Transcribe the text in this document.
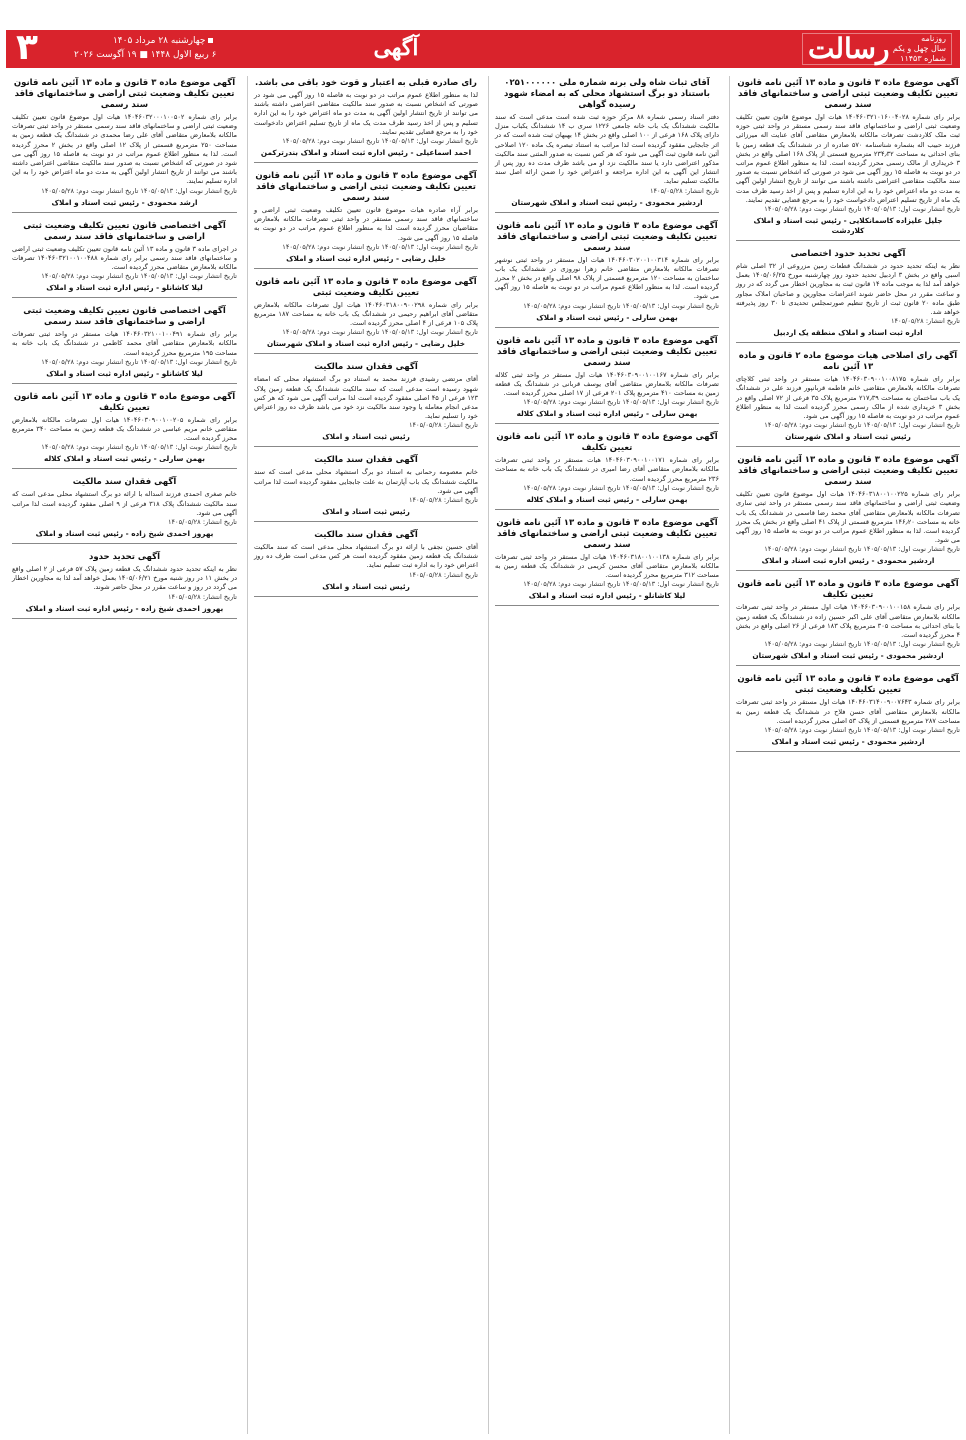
روزنامه
سال چهل و یکم
شماره ۱۱۴۵۳
رسالت
آگهی
چهارشنبه ۲۸ مرداد ۱۴۰۵
۶ ربیع الاول ۱۴۴۸ ■ ۱۹ آگوست ۲۰۲۶
۳
آگهی موضوع ماده ۳ قانون و ماده ۱۳ آئین نامه قانون تعیین تکلیف وضعیت ثبتی اراضی و ساختمانهای فاقد سند رسمی
برابر رای شماره ۱۴۰۴۶۰۳۲۱۰۱۶۰۰۴۰۲۸ هیات اول موضوع قانون تعیین تکلیف وضعیت ثبتی اراضی و ساختمانهای فاقد سند رسمی مستقر در واحد ثبتی حوزه ثبت ملک کلاردشت تصرفات مالکانه بلامعارض متقاضی آقای عنایت اله میرزائی فرزند حبیب اله بشماره شناسنامه ۵۷۰ صادره از در ششدانگ یک قطعه زمین با بنای احداثی به مساحت ۲۳۴٫۳۲ مترمربع قسمتی از پلاک ۱۶۸ اصلی واقع در بخش ۳ خریداری از مالک رسمی محرز گردیده است. لذا به منظور اطلاع عموم مراتب در دو نوبت به فاصله ۱۵ روز آگهی می شود در صورتی که اشخاص نسبت به صدور سند مالکیت متقاضی اعتراضی داشته باشند می توانند از تاریخ انتشار اولین آگهی به مدت دو ماه اعتراض خود را به این اداره تسلیم و پس از اخذ رسید ظرف مدت یک ماه از تاریخ تسلیم اعتراض دادخواست خود را به مرجع قضایی تقدیم نمایند.
تاریخ انتشار نوبت اول: ۱۴۰۵/۰۵/۱۳ تاریخ انتشار نوبت دوم: ۱۴۰۵/۰۵/۲۸
جلیل علیزاده کاسمانکلایی - رئیس ثبت اسناد و املاک کلاردشت
آگهی تحدید حدود اختصاصی
نظر به اینکه تحدید حدود در ششدانگ قطعات زمین مزروعی از ۳۲ اصلی شام اسبی واقع در بخش ۳ اردبیل تحدید حدود روز چهارشنبه مورخ ۱۴۰۵/۰۶/۲۵ بعمل خواهد آمد لذا به موجب ماده ۱۴ قانون ثبت به مجاورین اخطار می گردد که در روز و ساعت مقرر در محل حاضر شوند اعتراضات مجاورین و صاحبان املاک مجاور طبق ماده ۲۰ قانون ثبت از تاریخ تنظیم صورتمجلس تحدیدی تا ۳۰ روز پذیرفته خواهد شد.
تاریخ انتشار: ۱۴۰۵/۰۵/۲۸
اداره ثبت اسناد و املاک منطقه یک اردبیل
آگهی رای اصلاحی هیات موضوع ماده ۲ قانون و ماده ۱۳ آئین نامه
برابر رای شماره ۱۴۰۴۶۰۳۰۹۰۰۱۰۰۸۱۷۵ هیات مستقر در واحد ثبتی کلاچای تصرفات مالکانه بلامعارض متقاضی خانم فاطمه قربانپور فرزند علی در ششدانگ یک باب ساختمان به مساحت ۲۱۷٫۳۹ مترمربع پلاک ۳۵ فرعی از ۷۲ اصلی واقع در بخش ۳ خریداری شده از مالک رسمی محرز گردیده است لذا به منظور اطلاع عموم مراتب در دو نوبت به فاصله ۱۵ روز آگهی می شود.
تاریخ انتشار نوبت اول: ۱۴۰۵/۰۵/۱۳ تاریخ انتشار نوبت دوم: ۱۴۰۵/۰۵/۲۸
رئیس ثبت اسناد و املاک شهرستان
آگهی موضوع ماده ۳ قانون و ماده ۱۳ آئین نامه قانون تعیین تکلیف وضعیت ثبتی اراضی و ساختمانهای فاقد سند رسمی
برابر رای شماره ۱۴۰۴۶۰۳۱۸۰۰۱۰۰۲۲۵ هیات اول موضوع قانون تعیین تکلیف وضعیت ثبتی اراضی و ساختمانهای فاقد سند رسمی مستقر در واحد ثبتی ساری تصرفات مالکانه بلامعارض متقاضی آقای محمد رضا قاسمی در ششدانگ یک باب خانه به مساحت ۱۴۶٫۲۰ مترمربع قسمتی از پلاک ۴۱ اصلی واقع در بخش یک محرز گردیده است. لذا به منظور اطلاع عموم مراتب در دو نوبت به فاصله ۱۵ روز آگهی می شود.
تاریخ انتشار نوبت اول: ۱۴۰۵/۰۵/۱۳ تاریخ انتشار نوبت دوم: ۱۴۰۵/۰۵/۲۸
اردشیر محمودی - رئیس اداره ثبت اسناد و املاک
آگهی موضوع ماده ۳ قانون و ماده ۱۳ آئین نامه قانون تعیین تکلیف
برابر رای شماره ۱۴۰۴۶۰۳۰۹۰۰۱۰۰۱۵۸ هیات اول مستقر در واحد ثبتی تصرفات مالکانه بلامعارض متقاضی آقای علی اکبر حسین زاده در ششدانگ یک قطعه زمین با بنای احداثی به مساحت ۳۰۵ مترمربع پلاک ۱۸۳ فرعی از ۲۶ اصلی واقع در بخش ۴ محرز گردیده است.
تاریخ انتشار نوبت اول: ۱۴۰۵/۰۵/۱۳ تاریخ انتشار نوبت دوم: ۱۴۰۵/۰۵/۲۸
اردشیر محمودی - رئیس ثبت اسناد و املاک شهرستان
آگهی موضوع ماده ۳ قانون و ماده ۱۳ آئین نامه قانون تعیین تکلیف وضعیت ثبتی
برابر رای شماره ۱۴۰۴۶۰۳۱۴۰۰۹۰۰۷۶۴۳ هیات اول مستقر در واحد ثبتی تصرفات مالکانه بلامعارض متقاضی آقای حسن فلاح در ششدانگ یک قطعه زمین به مساحت ۲۸۷ مترمربع قسمتی از پلاک ۵۳ اصلی محرز گردیده است.
تاریخ انتشار نوبت اول: ۱۴۰۵/۰۵/۱۳ تاریخ انتشار نوبت دوم: ۱۴۰۵/۰۵/۲۸
اردشیر محمودی - رئیس ثبت اسناد و املاک
آقای ثبات شاه ولی برنه شماره ملی ۰۲۵۱۰۰۰۰۰۰ باستناد دو برگ استشهاد محلی که به امضاء شهود رسیده گواهی
دفتر اسناد رسمی شماره ۸۸ مرکز حوزه ثبت شده است مدعی است که سند مالکیت ششدانگ یک باب خانه جامعی ۱۲۲۶ سری ب ۱۴ ششدانگ یکباب منزل دارای پلاک ۱۶۸ فرعی از ۱۰۰ اصلی واقع در بخش ۱۴ بهبهان ثبت شده است که در اثر جابجایی مفقود گردیده است لذا مراتب به استناد تبصره یک ماده ۱۲۰ اصلاحی آئین نامه قانون ثبت آگهی می شود که هر کس نسبت به صدور المثنی سند مالکیت مذکور اعتراضی دارد یا سند مالکیت نزد او می باشد ظرف مدت ده روز پس از انتشار این آگهی به این اداره مراجعه و اعتراض خود را ضمن ارائه اصل سند مالکیت تسلیم نماید.
تاریخ انتشار: ۱۴۰۵/۰۵/۲۸
اردشیر محمودی - رئیس ثبت اسناد و املاک شهرستان
آگهی موضوع ماده ۳ قانون و ماده ۱۳ آئین نامه قانون تعیین تکلیف وضعیت ثبتی اراضی و ساختمانهای فاقد سند رسمی
برابر رای شماره ۱۴۰۴۶۰۳۰۲۰۰۱۰۰۳۱۴ هیات اول مستقر در واحد ثبتی نوشهر تصرفات مالکانه بلامعارض متقاضی خانم زهرا نوروزی در ششدانگ یک باب ساختمان به مساحت ۱۲۰ مترمربع قسمتی از پلاک ۹۸ اصلی واقع در بخش ۲ محرز گردیده است. لذا به منظور اطلاع عموم مراتب در دو نوبت به فاصله ۱۵ روز آگهی می شود.
تاریخ انتشار نوبت اول: ۱۴۰۵/۰۵/۱۳ تاریخ انتشار نوبت دوم: ۱۴۰۵/۰۵/۲۸
بهمن سارلی - رئیس ثبت اسناد و املاک
آگهی موضوع ماده ۳ قانون و ماده ۱۳ آئین نامه قانون تعیین تکلیف وضعیت ثبتی اراضی و ساختمانهای فاقد سند رسمی
برابر رای شماره ۱۴۰۴۶۰۳۰۹۰۰۱۰۰۱۶۷ هیات اول مستقر در واحد ثبتی کلاله تصرفات مالکانه بلامعارض متقاضی آقای یوسف قربانی در ششدانگ یک قطعه زمین به مساحت ۴۱۰ مترمربع پلاک ۲۰۱ فرعی از ۱۷ اصلی محرز گردیده است.
تاریخ انتشار نوبت اول: ۱۴۰۵/۰۵/۱۳ تاریخ انتشار نوبت دوم: ۱۴۰۵/۰۵/۲۸
بهمن سارلی - رئیس اداره ثبت اسناد و املاک کلاله
آگهی موضوع ماده ۳ قانون و ماده ۱۳ آئین نامه قانون تعیین تکلیف
برابر رای شماره ۱۴۰۴۶۰۳۰۹۰۰۱۰۰۱۷۱ هیات مستقر در واحد ثبتی تصرفات مالکانه بلامعارض متقاضی آقای رضا امیری در ششدانگ یک باب خانه به مساحت ۲۳۶ مترمربع محرز گردیده است.
تاریخ انتشار نوبت اول: ۱۴۰۵/۰۵/۱۳ تاریخ انتشار نوبت دوم: ۱۴۰۵/۰۵/۲۸
بهمن سارلی - رئیس ثبت اسناد و املاک کلاله
آگهی موضوع ماده ۳ قانون و ماده ۱۳ آئین نامه قانون تعیین تکلیف وضعیت ثبتی اراضی و ساختمانهای فاقد سند رسمی
برابر رای شماره ۱۴۰۴۶۰۳۱۸۰۰۱۰۰۱۳۸ هیات اول مستقر در واحد ثبتی تصرفات مالکانه بلامعارض متقاضی آقای محسن کریمی در ششدانگ یک قطعه زمین به مساحت ۳۱۲ مترمربع محرز گردیده است.
تاریخ انتشار نوبت اول: ۱۴۰۵/۰۵/۱۳ تاریخ انتشار نوبت دوم: ۱۴۰۵/۰۵/۲۸
لیلا کاشانلو - رئیس اداره ثبت اسناد و املاک
رای صادره قبلی به اعتبار و قوت خود باقی می باشد.
لذا به منظور اطلاع عموم مراتب در دو نوبت به فاصله ۱۵ روز آگهی می شود در صورتی که اشخاص نسبت به صدور سند مالکیت متقاضی اعتراضی داشته باشند می توانند از تاریخ انتشار اولین آگهی به مدت دو ماه اعتراض خود را به این اداره تسلیم و پس از اخذ رسید ظرف مدت یک ماه از تاریخ تسلیم اعتراض دادخواست خود را به مرجع قضایی تقدیم نمایند.
تاریخ انتشار نوبت اول: ۱۴۰۵/۰۵/۱۳ تاریخ انتشار نوبت دوم: ۱۴۰۵/۰۵/۲۸
احمد اسماعیلی - رئیس اداره ثبت اسناد و املاک بندرترکمن
آگهی موضوع ماده ۳ قانون و ماده ۱۳ آئین نامه قانون تعیین تکلیف وضعیت ثبتی اراضی و ساختمانهای فاقد سند رسمی
برابر آراء صادره هیات موضوع قانون تعیین تکلیف وضعیت ثبتی اراضی و ساختمانهای فاقد سند رسمی مستقر در واحد ثبتی تصرفات مالکانه بلامعارض متقاضیان محرز گردیده است لذا به منظور اطلاع عموم مراتب در دو نوبت به فاصله ۱۵ روز آگهی می شود.
تاریخ انتشار نوبت اول: ۱۴۰۵/۰۵/۱۳ تاریخ انتشار نوبت دوم: ۱۴۰۵/۰۵/۲۸
خلیل رضایی - رئیس اداره ثبت اسناد و املاک
آگهی موضوع ماده ۳ قانون و ماده ۱۳ آئین نامه قانون تعیین تکلیف وضعیت ثبتی
برابر رای شماره ۱۴۰۴۶۰۳۱۸۰۰۹۰۰۲۹۸ هیات اول تصرفات مالکانه بلامعارض متقاضی آقای ابراهیم رحیمی در ششدانگ یک باب خانه به مساحت ۱۸۷ مترمربع پلاک ۱۰۵ فرعی از ۴ اصلی محرز گردیده است.
تاریخ انتشار نوبت اول: ۱۴۰۵/۰۵/۱۳ تاریخ انتشار نوبت دوم: ۱۴۰۵/۰۵/۲۸
خلیل رضایی - رئیس اداره ثبت اسناد و املاک شهرستان
آگهی فقدان سند مالکیت
آقای مرتضی رشیدی فرزند محمد به استناد دو برگ استشهاد محلی که امضاء شهود رسیده است مدعی است که سند مالکیت ششدانگ یک قطعه زمین پلاک ۱۲۳ فرعی از ۴۵ اصلی مفقود گردیده است لذا مراتب آگهی می شود که هر کس مدعی انجام معامله یا وجود سند مالکیت نزد خود می باشد ظرف ده روز اعتراض خود را تسلیم نماید.
تاریخ انتشار: ۱۴۰۵/۰۵/۲۸
رئیس ثبت اسناد و املاک
آگهی فقدان سند مالکیت
خانم معصومه رحمانی به استناد دو برگ استشهاد محلی مدعی است که سند مالکیت ششدانگ یک باب آپارتمان به علت جابجایی مفقود گردیده است لذا مراتب آگهی می شود.
تاریخ انتشار: ۱۴۰۵/۰۵/۲۸
رئیس ثبت اسناد و املاک
آگهی فقدان سند مالکیت
آقای حسین نجفی با ارائه دو برگ استشهاد محلی مدعی است که سند مالکیت ششدانگ یک قطعه زمین مفقود گردیده است هر کس مدعی است ظرف ده روز اعتراض خود را به اداره ثبت تسلیم نماید.
تاریخ انتشار: ۱۴۰۵/۰۵/۲۸
رئیس ثبت اسناد و املاک
آگهی موضوع ماده ۳ قانون و ماده ۱۳ آئین نامه قانون تعیین تکلیف وضعیت ثبتی اراضی و ساختمانهای فاقد سند رسمی
برابر رای شماره ۱۴۰۴۶۰۳۲۰۰۰۱۰۰۵۰۲ هیات اول موضوع قانون تعیین تکلیف وضعیت ثبتی اراضی و ساختمانهای فاقد سند رسمی مستقر در واحد ثبتی تصرفات مالکانه بلامعارض متقاضی آقای علی رضا محمدی در ششدانگ یک قطعه زمین به مساحت ۲۵۰ مترمربع قسمتی از پلاک ۱۲ اصلی واقع در بخش ۲ محرز گردیده است. لذا به منظور اطلاع عموم مراتب در دو نوبت به فاصله ۱۵ روز آگهی می شود در صورتی که اشخاص نسبت به صدور سند مالکیت متقاضی اعتراضی داشته باشند می توانند از تاریخ انتشار اولین آگهی به مدت دو ماه اعتراض خود را به این اداره تسلیم نمایند.
تاریخ انتشار نوبت اول: ۱۴۰۵/۰۵/۱۳ تاریخ انتشار نوبت دوم: ۱۴۰۵/۰۵/۲۸
ارشد محمودی - رئیس ثبت اسناد و املاک
آگهی اختصاصی قانون تعیین تکلیف وضعیت ثبتی اراضی و ساختمانهای فاقد سند رسمی
در اجرای ماده ۳ قانون و ماده ۱۳ آئین نامه قانون تعیین تکلیف وضعیت ثبتی اراضی و ساختمانهای فاقد سند رسمی برابر رای شماره ۱۴۰۴۶۰۳۲۱۰۰۱۰۰۴۸۸ تصرفات مالکانه بلامعارض متقاضی محرز گردیده است.
تاریخ انتشار نوبت اول: ۱۴۰۵/۰۵/۱۳ تاریخ انتشار نوبت دوم: ۱۴۰۵/۰۵/۲۸
لیلا کاشانلو - رئیس اداره ثبت اسناد و املاک
آگهی اختصاصی قانون تعیین تکلیف وضعیت ثبتی اراضی و ساختمانهای فاقد سند رسمی
برابر رای شماره ۱۴۰۴۶۰۳۲۱۰۰۱۰۰۴۹۱ هیات مستقر در واحد ثبتی تصرفات مالکانه بلامعارض متقاضی آقای محمد کاظمی در ششدانگ یک باب خانه به مساحت ۱۹۵ مترمربع محرز گردیده است.
تاریخ انتشار نوبت اول: ۱۴۰۵/۰۵/۱۳ تاریخ انتشار نوبت دوم: ۱۴۰۵/۰۵/۲۸
لیلا کاشانلو - رئیس اداره ثبت اسناد و املاک
آگهی موضوع ماده ۳ قانون و ماده ۱۳ آئین نامه قانون تعیین تکلیف
برابر رای شماره ۱۴۰۴۶۰۳۰۹۰۰۱۰۰۲۰۵ هیات اول تصرفات مالکانه بلامعارض متقاضی خانم مریم عباسی در ششدانگ یک قطعه زمین به مساحت ۳۴۰ مترمربع محرز گردیده است.
تاریخ انتشار نوبت اول: ۱۴۰۵/۰۵/۱۳ تاریخ انتشار نوبت دوم: ۱۴۰۵/۰۵/۲۸
بهمن سارلی - رئیس ثبت اسناد و املاک کلاله
آگهی فقدان سند مالکیت
خانم صغری احمدی فرزند اسداله با ارائه دو برگ استشهاد محلی مدعی است که سند مالکیت ششدانگ پلاک ۳۱۸ فرعی از ۹ اصلی مفقود گردیده است لذا مراتب آگهی می شود.
تاریخ انتشار: ۱۴۰۵/۰۵/۲۸
بهروز احمدی شیخ زاده - رئیس ثبت اسناد و املاک
آگهی تحدید حدود
نظر به اینکه تحدید حدود ششدانگ یک قطعه زمین پلاک ۵۷ فرعی از ۲ اصلی واقع در بخش ۱۱ در روز شنبه مورخ ۱۴۰۵/۰۶/۲۱ بعمل خواهد آمد لذا به مجاورین اخطار می گردد در روز و ساعت مقرر در محل حاضر شوند.
تاریخ انتشار: ۱۴۰۵/۰۵/۲۸
بهروز احمدی شیخ زاده - رئیس اداره ثبت اسناد و املاک
